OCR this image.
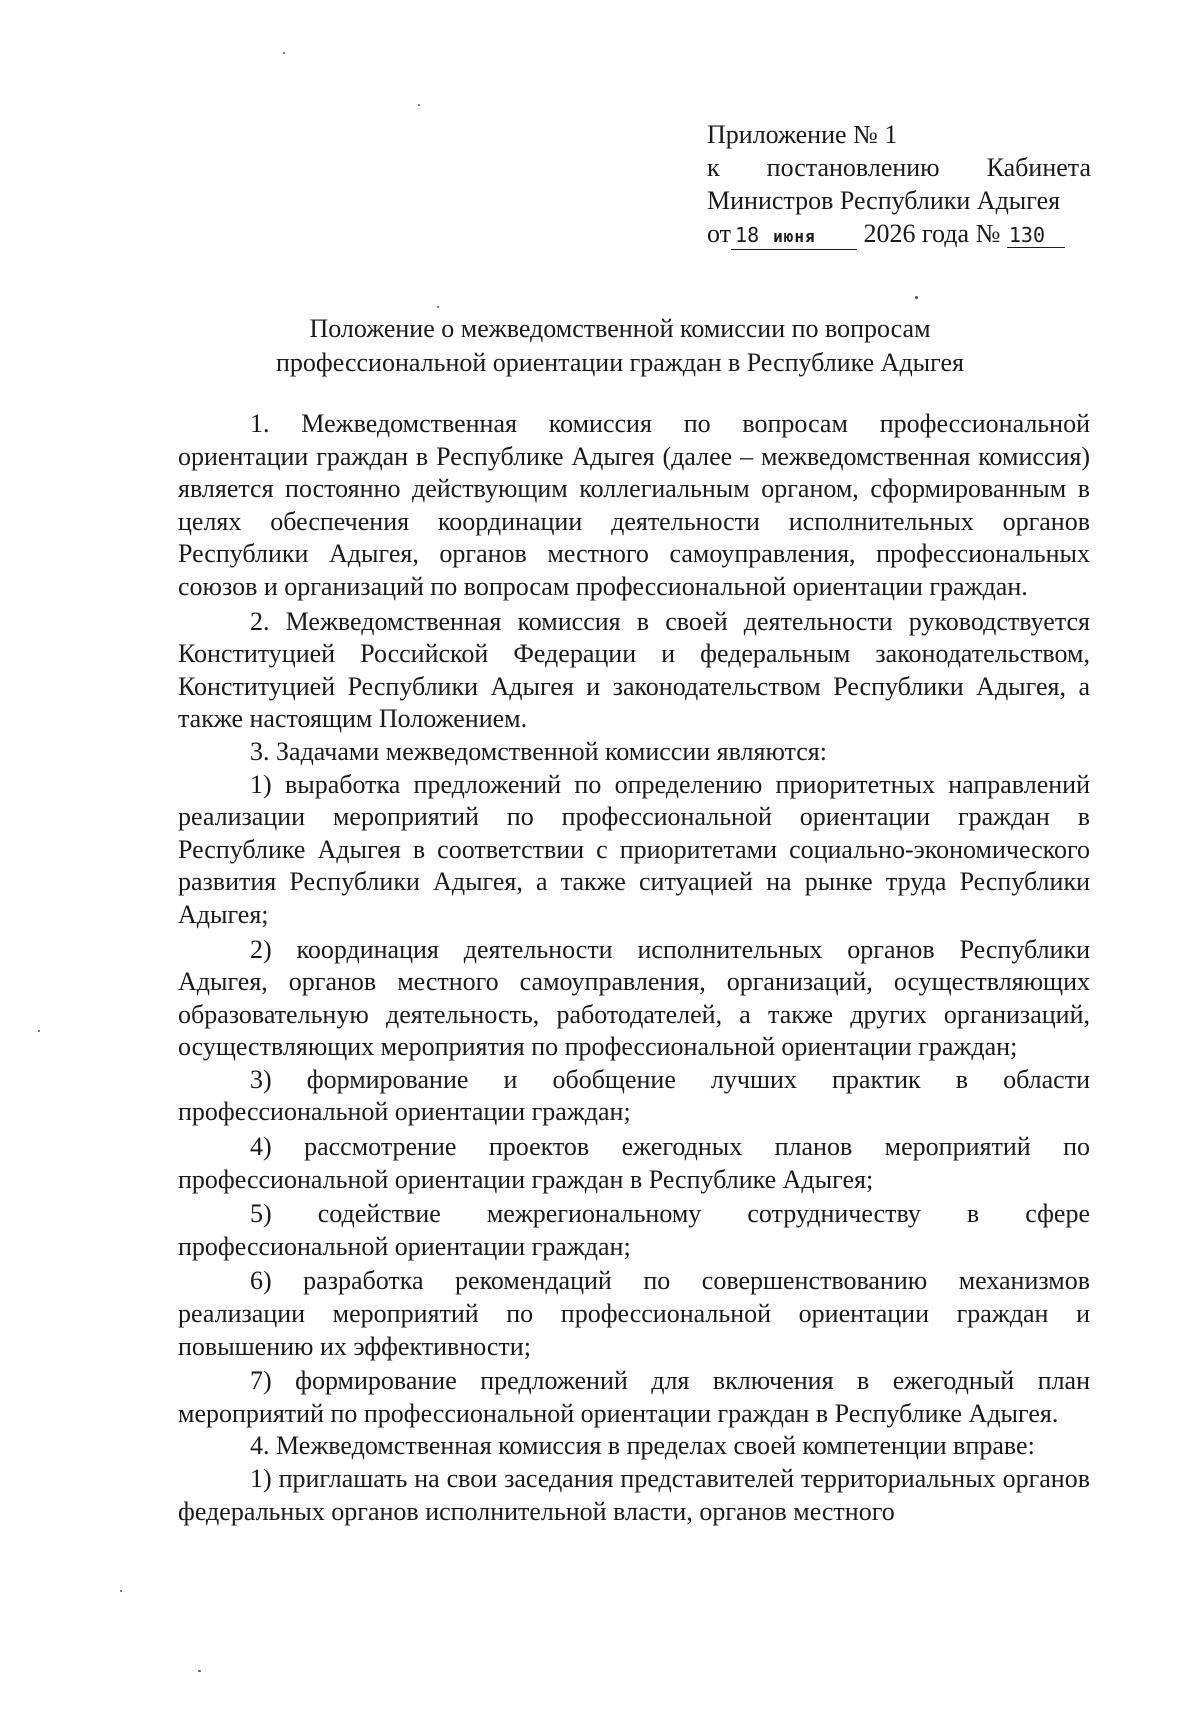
Приложение № 1
к постановлению Кабинета
Министров Республики Адыгея
от 18 июня 2026 года № 130
Положение о межведомственной комиссии по вопросам
профессиональной ориентации граждан в Республике Адыгея

1. Межведомственная комиссия по вопросам профессиональной ориентации граждан в Республике Адыгея (далее – межведомственная комиссия) является постоянно действующим коллегиальным органом, сформированным в целях обеспечения координации деятельности исполнительных органов Республики Адыгея, органов местного самоуправления, профессиональных союзов и организаций по вопросам профессиональной ориентации граждан.

2. Межведомственная комиссия в своей деятельности руководствуется Конституцией Российской Федерации и федеральным законодательством, Конституцией Республики Адыгея и законодательством Республики Адыгея, а также настоящим Положением.

3. Задачами межведомственной комиссии являются:

1) выработка предложений по определению приоритетных направлений реализации мероприятий по профессиональной ориентации граждан в Республике Адыгея в соответствии с приоритетами социально-экономического развития Республики Адыгея, а также ситуацией на рынке труда Республики Адыгея;

2) координация деятельности исполнительных органов Республики Адыгея, органов местного самоуправления, организаций, осуществляющих образовательную деятельность, работодателей, а также других организаций, осуществляющих мероприятия по профессиональной ориентации граждан;

3) формирование и обобщение лучших практик в области профессиональной ориентации граждан;

4) рассмотрение проектов ежегодных планов мероприятий по профессиональной ориентации граждан в Республике Адыгея;

5) содействие межрегиональному сотрудничеству в сфере профессиональной ориентации граждан;

6) разработка рекомендаций по совершенствованию механизмов реализации мероприятий по профессиональной ориентации граждан и повышению их эффективности;

7) формирование предложений для включения в ежегодный план мероприятий по профессиональной ориентации граждан в Республике Адыгея.

4. Межведомственная комиссия в пределах своей компетенции вправе:

1) приглашать на свои заседания представителей территориальных органов федеральных органов исполнительной власти, органов местного
